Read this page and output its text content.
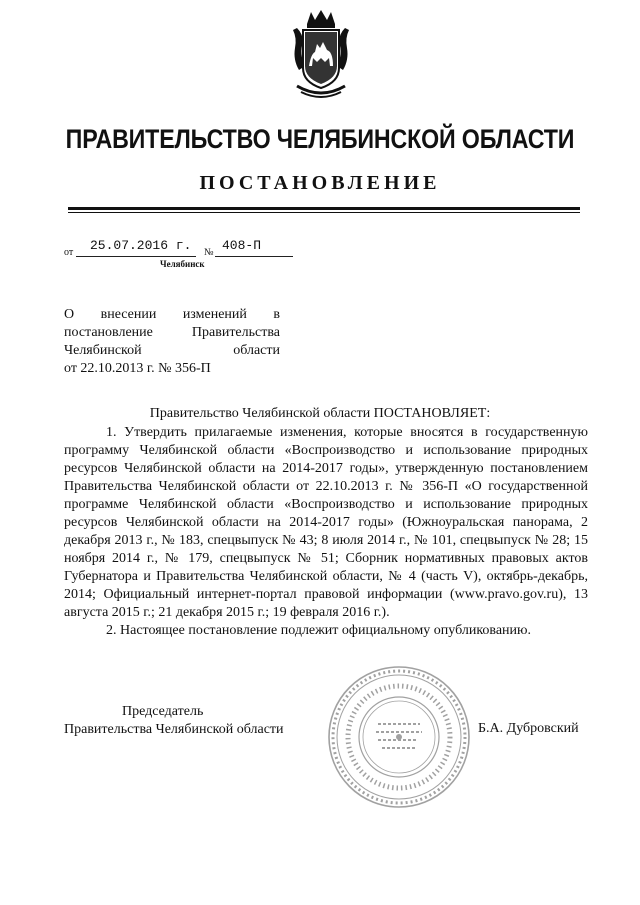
ПРАВИТЕЛЬСТВО ЧЕЛЯБИНСКОЙ ОБЛАСТИ
ПОСТАНОВЛЕНИЕ
от 25.07.2016 г. № 408-П
Челябинск
О внесении изменений в
постановление	Правительства
Челябинской	области
от 22.10.2013 г. № 356-П
Правительство Челябинской области ПОСТАНОВЛЯЕТ:

1. Утвердить прилагаемые изменения, которые вносятся в государственную программу Челябинской области «Воспроизводство и использование природных ресурсов Челябинской области на 2014-2017 годы», утвержденную постановлением Правительства Челябинской области от 22.10.2013 г. № 356-П «О государственной программе Челябинской области «Воспроизводство и использование природных ресурсов Челябинской области на 2014-2017 годы» (Южноуральская панорама, 2 декабря 2013 г., № 183, спецвыпуск № 43; 8 июля 2014 г., № 101, спецвыпуск № 28; 15 ноября 2014 г., № 179, спецвыпуск № 51; Сборник нормативных правовых актов Губернатора и Правительства Челябинской области, № 4 (часть V), октябрь-декабрь, 2014; Официальный интернет-портал правовой информации (www.pravo.gov.ru), 13 августа 2015 г.; 21 декабря 2015 г.; 19 февраля 2016 г.).

2. Настоящее постановление подлежит официальному опубликованию.

Председатель
Правительства Челябинской области	Б.А. Дубровский
